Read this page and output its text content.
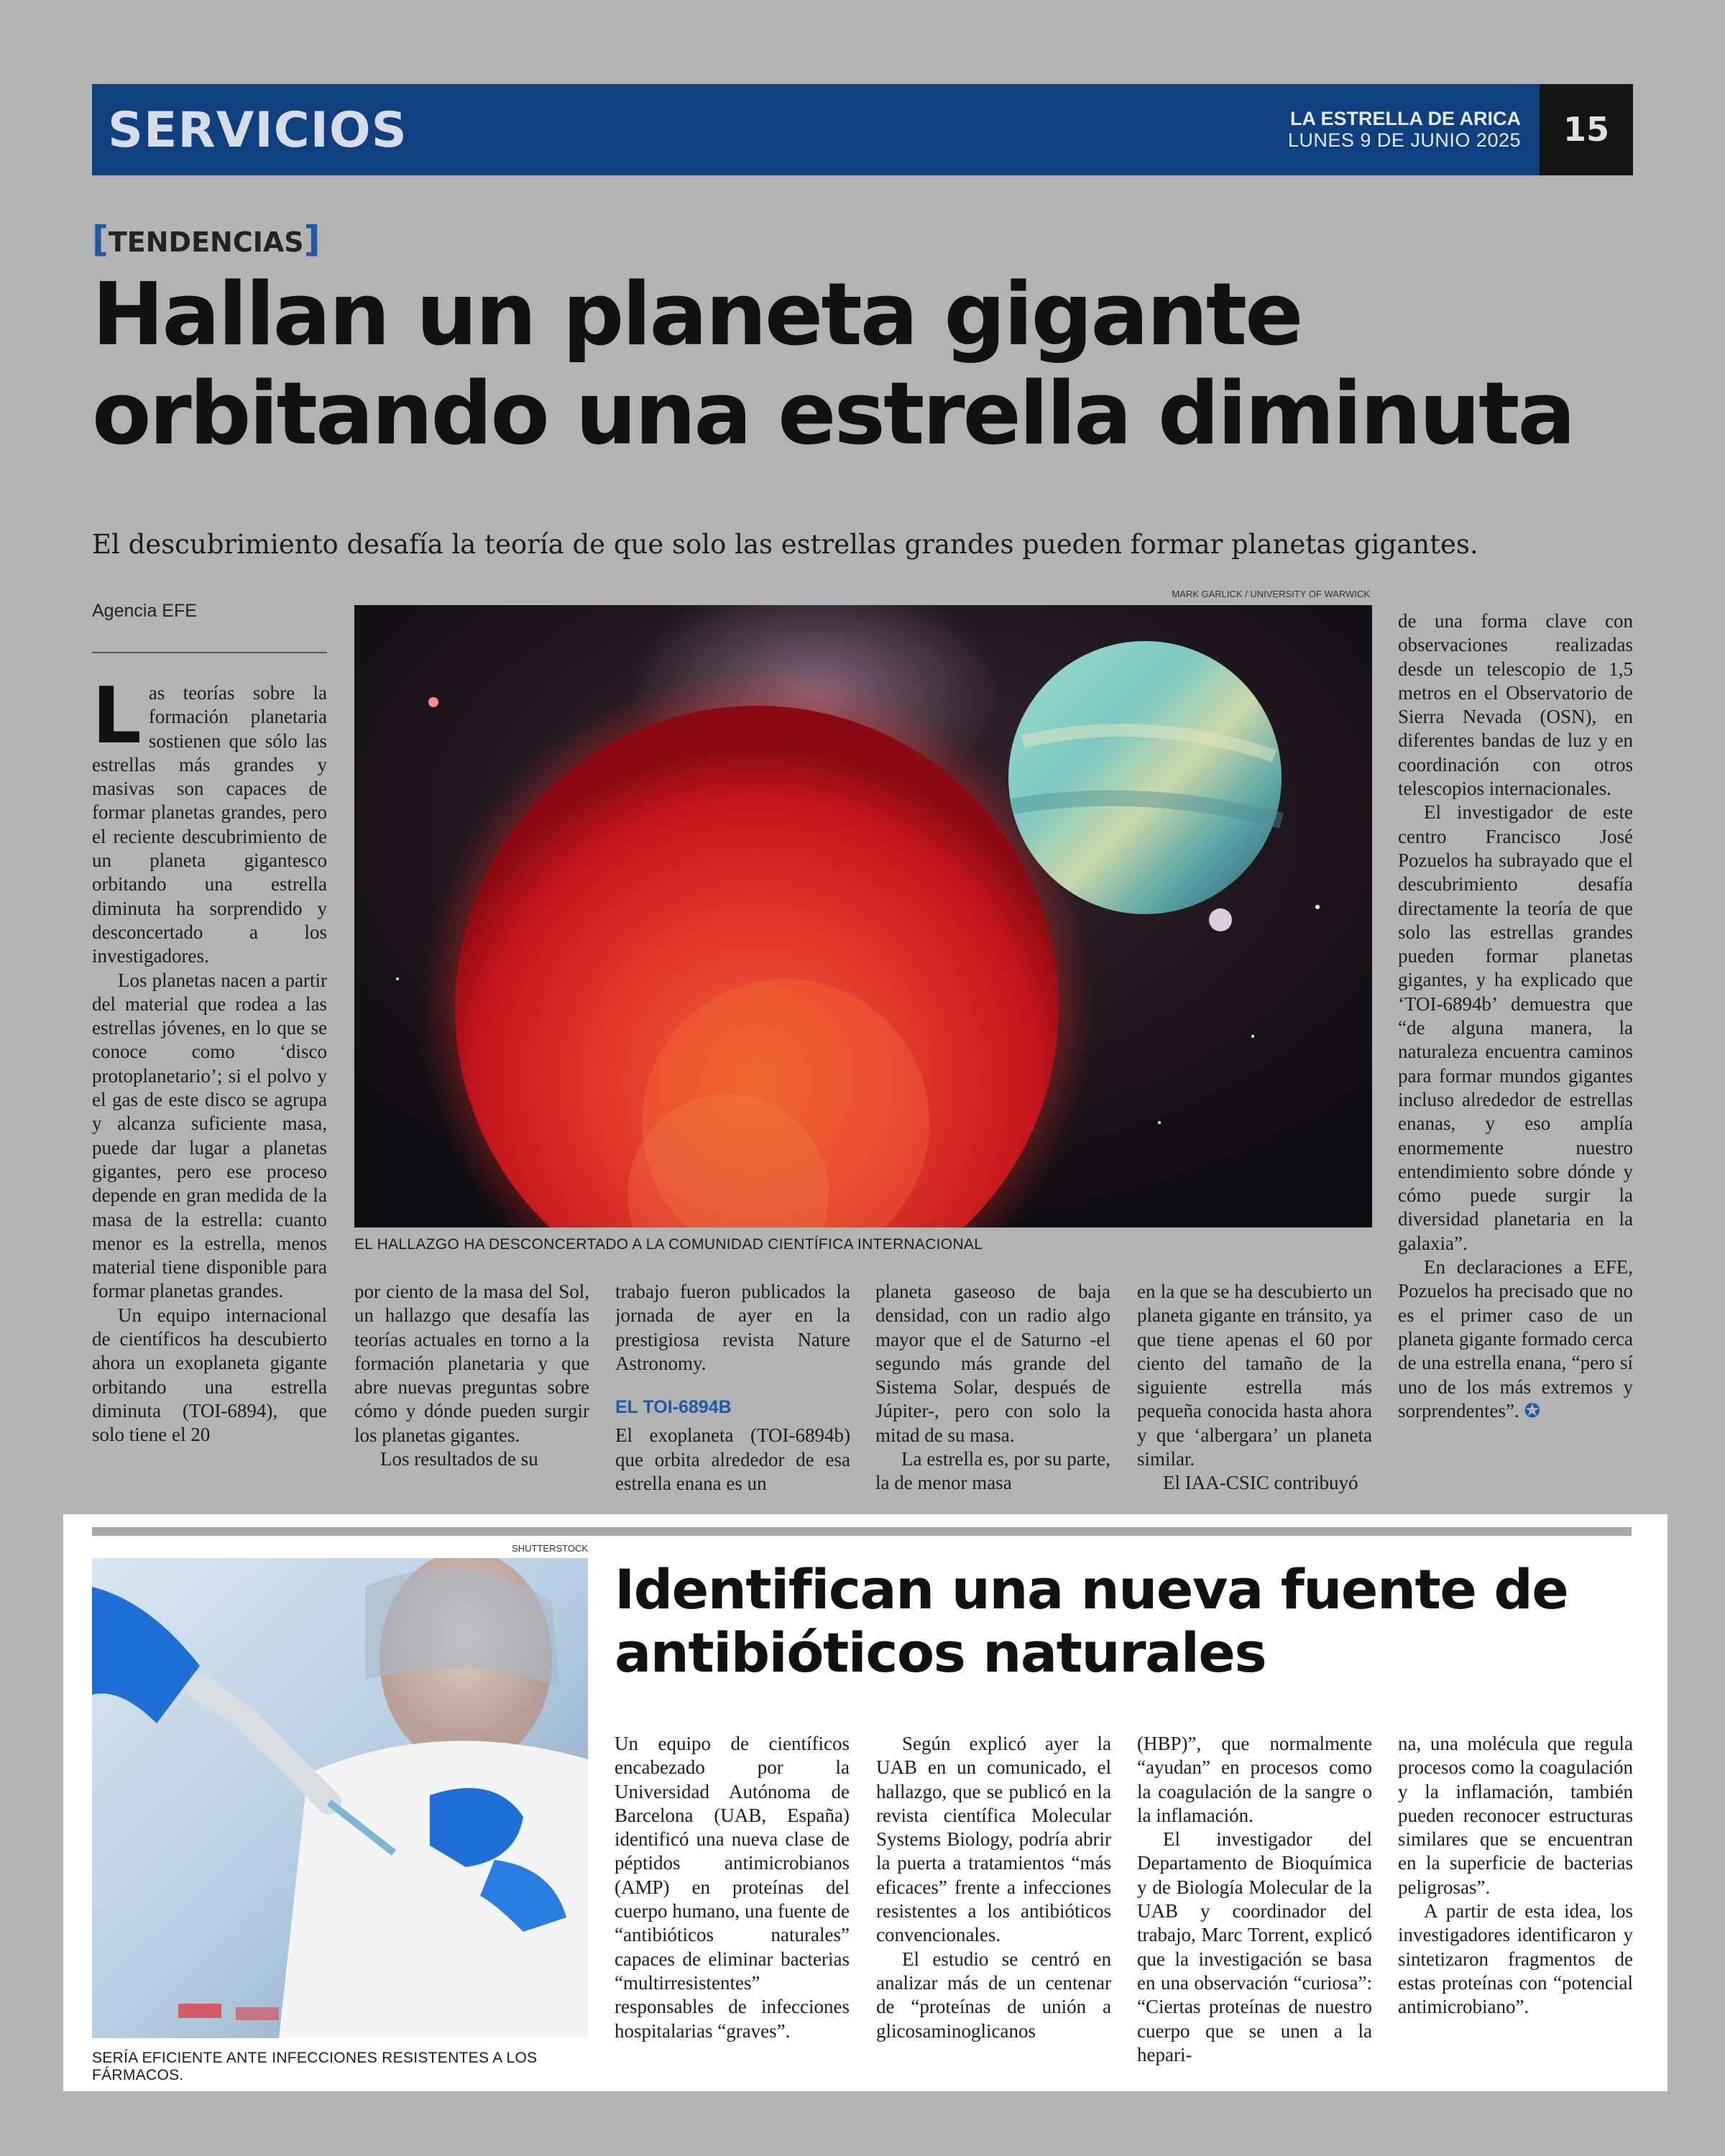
SERVICIOS	LA ESTRELLA DE ARICA
LUNES 9 DE JUNIO 2025	15
[TENDENCIAS]
Hallan un planeta gigante
orbitando una estrella diminuta
El descubrimiento desafía la teoría de que solo las estrellas grandes pueden formar planetas gigantes.
Agencia EFE

Las teorías sobre la formación planetaria sostienen que sólo las estrellas más grandes y masivas son capaces de formar planetas grandes, pero el reciente descubrimiento de un planeta gigantesco orbitando una estrella diminuta ha sorprendido y desconcertado a los investigadores.

Los planetas nacen a partir del material que rodea a las estrellas jóvenes, en lo que se conoce como ‘disco protoplanetario’; si el polvo y el gas de este disco se agrupa y alcanza suficiente masa, puede dar lugar a planetas gigantes, pero ese proceso depende en gran medida de la masa de la estrella: cuanto menor es la estrella, menos material tiene disponible para formar planetas grandes.

Un equipo internacional de científicos ha descubierto ahora un exoplaneta gigante orbitando una estrella diminuta (TOI-6894), que solo tiene el 20

MARK GARLICK / UNIVERSITY OF WARWICK
EL HALLAZGO HA DESCONCERTADO A LA COMUNIDAD CIENTÍFICA INTERNACIONAL

por ciento de la masa del Sol, un hallazgo que desafía las teorías actuales en torno a la formación planetaria y que abre nuevas preguntas sobre cómo y dónde pueden surgir los planetas gigantes.

Los resultados de su

trabajo fueron publicados la jornada de ayer en la prestigiosa revista Nature Astronomy.

EL TOI-6894B

El exoplaneta (TOI-6894b) que orbita alrededor de esa estrella enana es un

planeta gaseoso de baja densidad, con un radio algo mayor que el de Saturno -el segundo más grande del Sistema Solar, después de Júpiter-, pero con solo la mitad de su masa.

La estrella es, por su parte, la de menor masa

en la que se ha descubierto un planeta gigante en tránsito, ya que tiene apenas el 60 por ciento del tamaño de la siguiente estrella más pequeña conocida hasta ahora y que ‘albergara’ un planeta similar.

El IAA-CSIC contribuyó

de una forma clave con observaciones realizadas desde un telescopio de 1,5 metros en el Observatorio de Sierra Nevada (OSN), en diferentes bandas de luz y en coordinación con otros telescopios internacionales.

El investigador de este centro Francisco José Pozuelos ha subrayado que el descubrimiento desafía directamente la teoría de que solo las estrellas grandes pueden formar planetas gigantes, y ha explicado que ‘TOI-6894b’ demuestra que “de alguna manera, la naturaleza encuentra caminos para formar mundos gigantes incluso alrededor de estrellas enanas, y eso amplía enormemente nuestro entendimiento sobre dónde y cómo puede surgir la diversidad planetaria en la galaxia”.

En declaraciones a EFE, Pozuelos ha precisado que no es el primer caso de un planeta gigante formado cerca de una estrella enana, “pero sí uno de los más extremos y sorprendentes”. ✪

SHUTTERSTOCK
SERÍA EFICIENTE ANTE INFECCIONES RESISTENTES A LOS FÁRMACOS.
Identifican una nueva fuente de
antibióticos naturales

Un equipo de científicos encabezado por la Universidad Autónoma de Barcelona (UAB, España) identificó una nueva clase de péptidos antimicrobianos (AMP) en proteínas del cuerpo humano, una fuente de “antibióticos naturales” capaces de eliminar bacterias “multirresistentes” responsables de infecciones hospitalarias “graves”.

Según explicó ayer la UAB en un comunicado, el hallazgo, que se publicó en la revista científica Molecular Systems Biology, podría abrir la puerta a tratamientos “más eficaces” frente a infecciones resistentes a los antibióticos convencionales.

El estudio se centró en analizar más de un centenar de “proteínas de unión a glicosaminoglicanos

(HBP)”, que normalmente “ayudan” en procesos como la coagulación de la sangre o la inflamación.

El investigador del Departamento de Bioquímica y de Biología Molecular de la UAB y coordinador del trabajo, Marc Torrent, explicó que la investigación se basa en una observación “curiosa”: “Ciertas proteínas de nuestro cuerpo que se unen a la hepari-

na, una molécula que regula procesos como la coagulación y la inflamación, también pueden reconocer estructuras similares que se encuentran en la superficie de bacterias peligrosas”.

A partir de esta idea, los investigadores identificaron y sintetizaron fragmentos de estas proteínas con “potencial antimicrobiano”.
